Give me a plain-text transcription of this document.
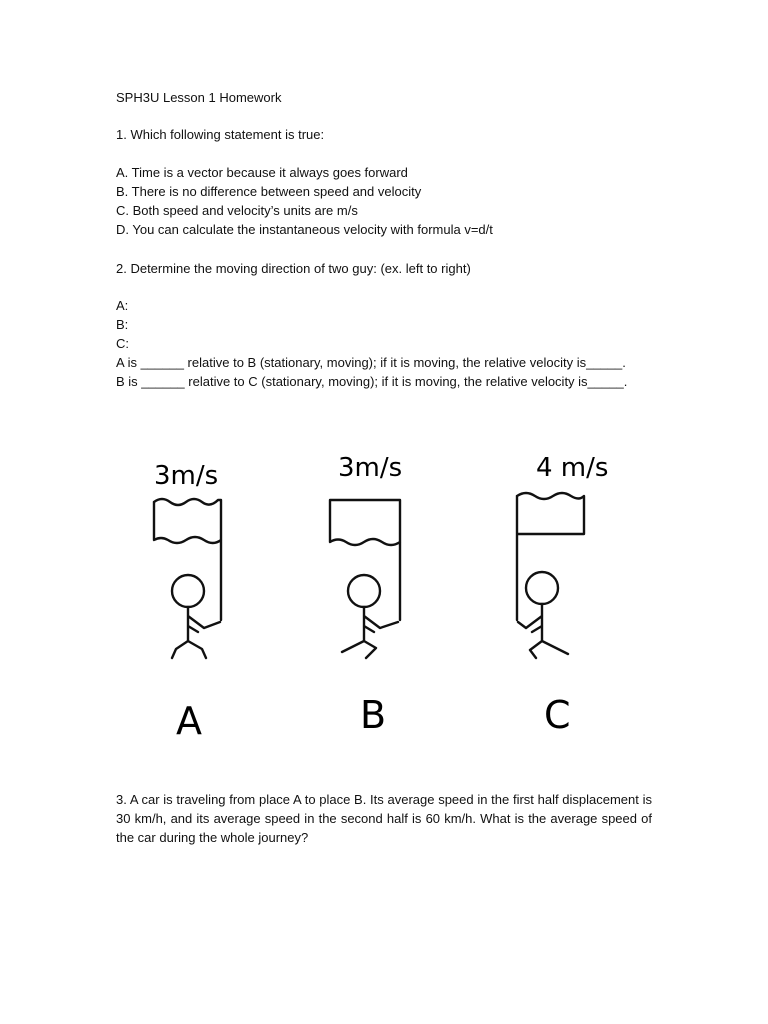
SPH3U Lesson 1 Homework
1. Which following statement is true:
A. Time is a vector because it always goes forward
B. There is no difference between speed and velocity
C. Both speed and velocity’s units are m/s
D. You can calculate the instantaneous velocity with formula v=d/t
2. Determine the moving direction of two guy: (ex. left to right)
A:
B:
C:
A is ______ relative to B (stationary, moving); if it is moving, the relative velocity is_____.
B is ______ relative to C (stationary, moving); if it is moving, the relative velocity is_____.
3m/s
A
3m/s
B
4 m/s
C
3. A car is traveling from place A to place B. Its average speed in the first half displacement is 30 km/h, and its average speed in the second half is 60 km/h. What is the average speed of the car during the whole journey?
